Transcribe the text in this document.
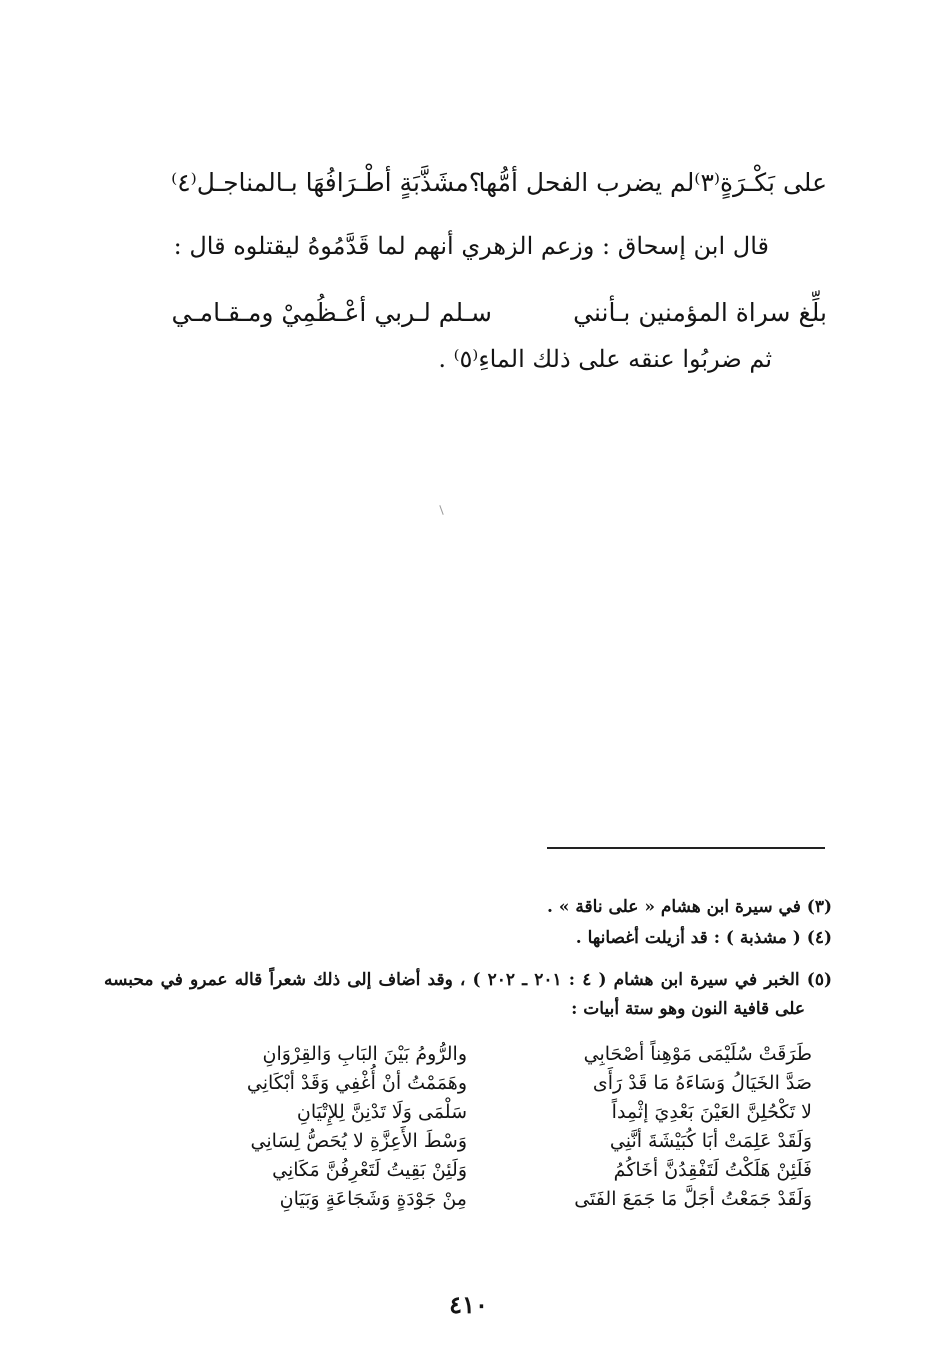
على بَكْـرَةٍ⁽٣⁾لم يضرب الفحل أمُّها
؟مشَذَّبَةٍ أطْـرَافُهَا بـالمناجـل⁽٤⁾
قال ابن إسحاق : وزعم الزهري أنهم لما قَدَّمُوهُ ليقتلوه قال :
بلِّغ سراة المؤمنين بـأنني
سـلم لـربي أعْـظُمِيْ ومـقـامـي
ثم ضربُوا عنقه على ذلك الماءِ⁽٥⁾ .
(٣) في سيرة ابن هشام « على ناقة » .
(٤) ( مشذبة ) : قد أزيلت أغصانها .
(٥) الخبر في سيرة ابن هشام ( ٤ : ٢٠١ ـ ٢٠٢ ) ، وقد أضاف إلى ذلك شعراً قاله عمرو في محبسه
على قافية النون وهو ستة أبيات :
طَرَقَتْ سُلَيْمَى مَوْهِناً أصْحَابِي
صَدَّ الخَيَالُ وَسَاءَهُ مَا قَدْ رَأَى
لا تَكْحُلِنَّ العَيْنَ بَعْدِيَ إثْمِداً
وَلَقَدْ عَلِمَتْ أبَا كُبَيْشَةَ أنَّنِي
فَلَئِنْ هَلَكْتُ لَتَفْقِدُنَّ أخَاكُمُ
وَلَقَدْ جَمَعْتُ أجَلَّ مَا جَمَعَ الفَتَى
والرُّومُ بَيْنَ البَابِ وَالقِرْوَانِ
وهَمَمْتُ أنْ أُغْفِي وَقَدْ أبْكَانِي
سَلْمَى وَلَا تَدْنِنَّ لِلإِتْيَانِ
وَسْطَ الأَعِزَّةِ لا يُحَصُّ لِسَانِي
وَلَئِنْ بَقِيتُ لَتَعْرِفُنَّ مَكَانِي
مِنْ جَوْدَةٍ وَشَجَاعَةٍ وَبَيَانِ
٤١٠
